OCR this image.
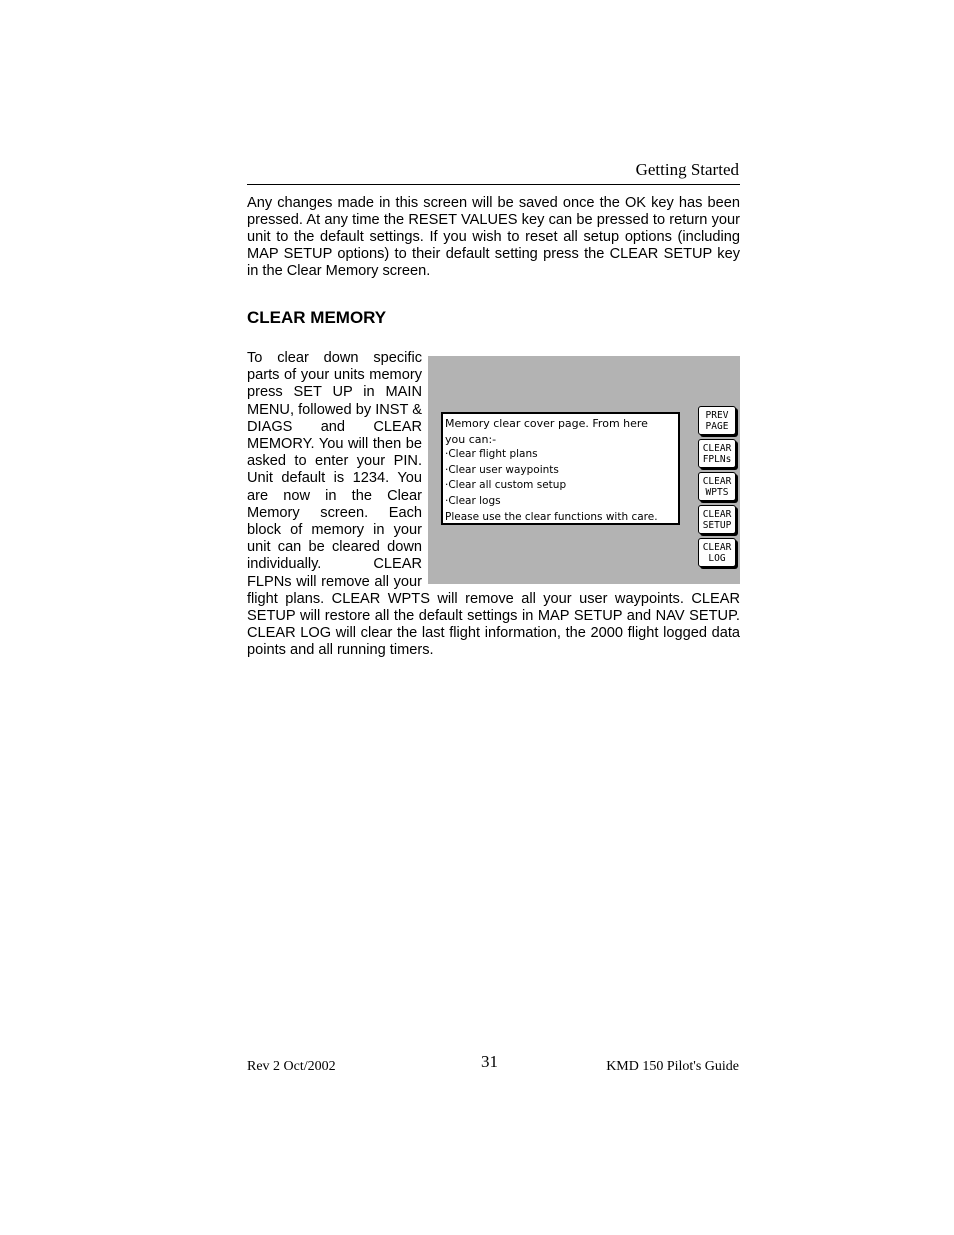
Getting Started

Any changes made in this screen will be saved once the OK key has been pressed. At any time the RESET VALUES key can be pressed to return your unit to the default settings. If you wish to reset all setup options (including MAP SETUP options) to their default setting press the CLEAR SETUP key in the Clear Memory screen.

CLEAR MEMORY
Memory clear cover page. From here
you can:-
·Clear flight plans
·Clear user waypoints
·Clear all custom setup
·Clear logs
Please use the clear functions with care.
PREV
PAGE
CLEAR
FPLNs
CLEAR
WPTS
CLEAR
SETUP
CLEAR
LOG
To clear down specific parts of your units memory press SET UP in MAIN MENU, followed by INST & DIAGS and CLEAR MEMORY. You will then be asked to enter your PIN. Unit default is 1234. You are now in the Clear Memory screen. Each block of memory in your unit can be cleared down individually. CLEAR FLPNs will remove all your flight plans. CLEAR WPTS will remove all your user waypoints. CLEAR SETUP will restore all the default settings in MAP SETUP and NAV SETUP. CLEAR LOG will clear the last flight information, the 2000 flight logged data points and all running timers.
Rev 2 Oct/2002	31	KMD 150 Pilot's Guide
